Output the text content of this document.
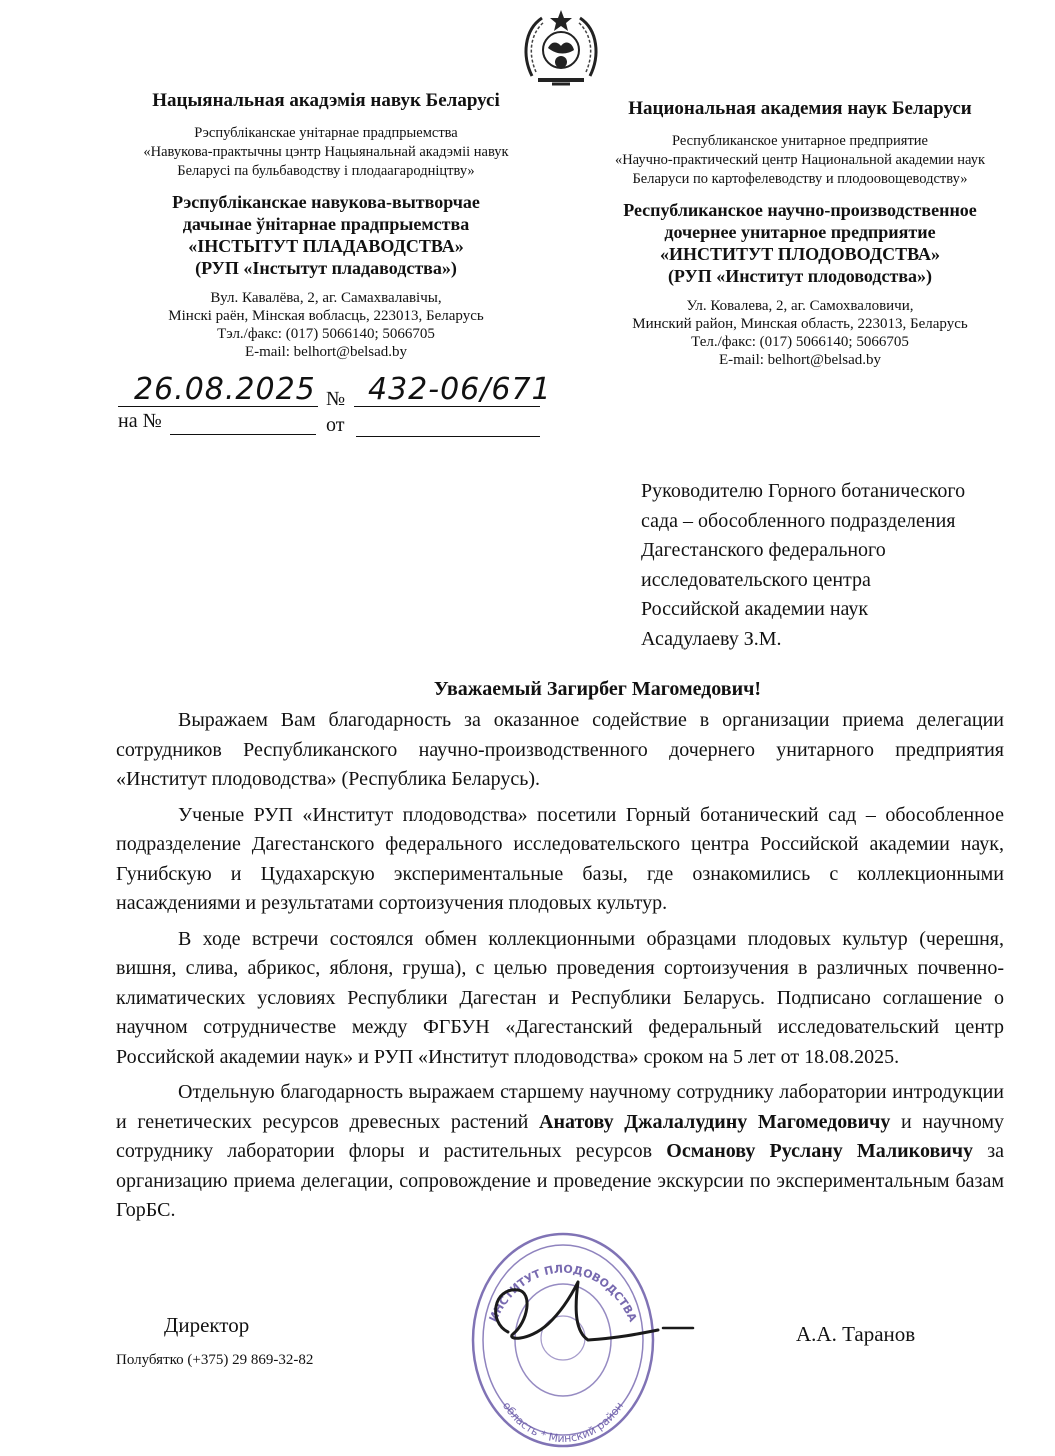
Нацыянальная акадэмія навук Беларусі
Рэспубліканскае унітарнае прадпрыемства
«Навукова-практычны цэнтр Нацыянальнай акадэміі навук
Беларусі па бульбаводству і плодаагародніцтву»
Рэспубліканскае навукова-вытворчае
дачынае ўнітарнае прадпрыемства
«ІНСТЫТУТ ПЛАДАВОДСТВА»
(РУП «Інстытут пладаводства»)
Вул. Кавалёва, 2, аг. Самахвалавічы,
Мінскі раён, Мінская вобласць, 223013, Беларусь
Тэл./факс: (017) 5066140; 5066705
E-mail: belhort@belsad.by
Национальная академия наук Беларуси
Республиканское унитарное предприятие
«Научно-практический центр Национальной академии наук
Беларуси по картофелеводству и плодоовощеводству»
Республиканское научно-производственное
дочернее унитарное предприятие
«ИНСТИТУТ ПЛОДОВОДСТВА»
(РУП «Институт плодоводства»)
Ул. Ковалева, 2, аг. Самохваловичи,
Минский район, Минская область, 223013, Беларусь
Тел./факс: (017) 5066140; 5066705
E-mail: belhort@belsad.by
26.08.2025 № 432-06/671
на №	от
Руководителю Горного ботанического
сада – обособленного подразделения
Дагестанского федерального
исследовательского центра
Российской академии наук
Асадулаеву З.М.
Уважаемый Загирбег Магомедович!

Выражаем Вам благодарность за оказанное содействие в организации приема делегации сотрудников Республиканского научно-производственного дочернего унитарного предприятия «Институт плодоводства» (Республика Беларусь).

Ученые РУП «Институт плодоводства» посетили Горный ботанический сад – обособленное подразделение Дагестанского федерального исследовательского центра Российской академии наук, Гунибскую и Цудахарскую экспериментальные базы, где ознакомились с коллекционными насаждениями и результатами сортоизучения плодовых культур.

В ходе встречи состоялся обмен коллекционными образцами плодовых культур (черешня, вишня, слива, абрикос, яблоня, груша), с целью проведения сортоизучения в различных почвенно-климатических условиях Республики Дагестан и Республики Беларусь. Подписано соглашение о научном сотрудничестве между ФГБУН «Дагестанский федеральный исследовательский центр Российской академии наук» и РУП «Институт плодоводства» сроком на 5 лет от 18.08.2025.

Отдельную благодарность выражаем старшему научному сотруднику лаборатории интродукции и генетических ресурсов древесных растений Анатову Джалалудину Магомедовичу и научному сотруднику лаборатории флоры и растительных ресурсов Османову Руслану Маликовичу за организацию приема делегации, сопровождение и проведение экскурсии по экспериментальным базам ГорБС.

ИНСТИТУТ ПЛОДОВОДСТВА
область * Минский район
Директор	А.А. Таранов
Полубятко (+375) 29 869-32-82
